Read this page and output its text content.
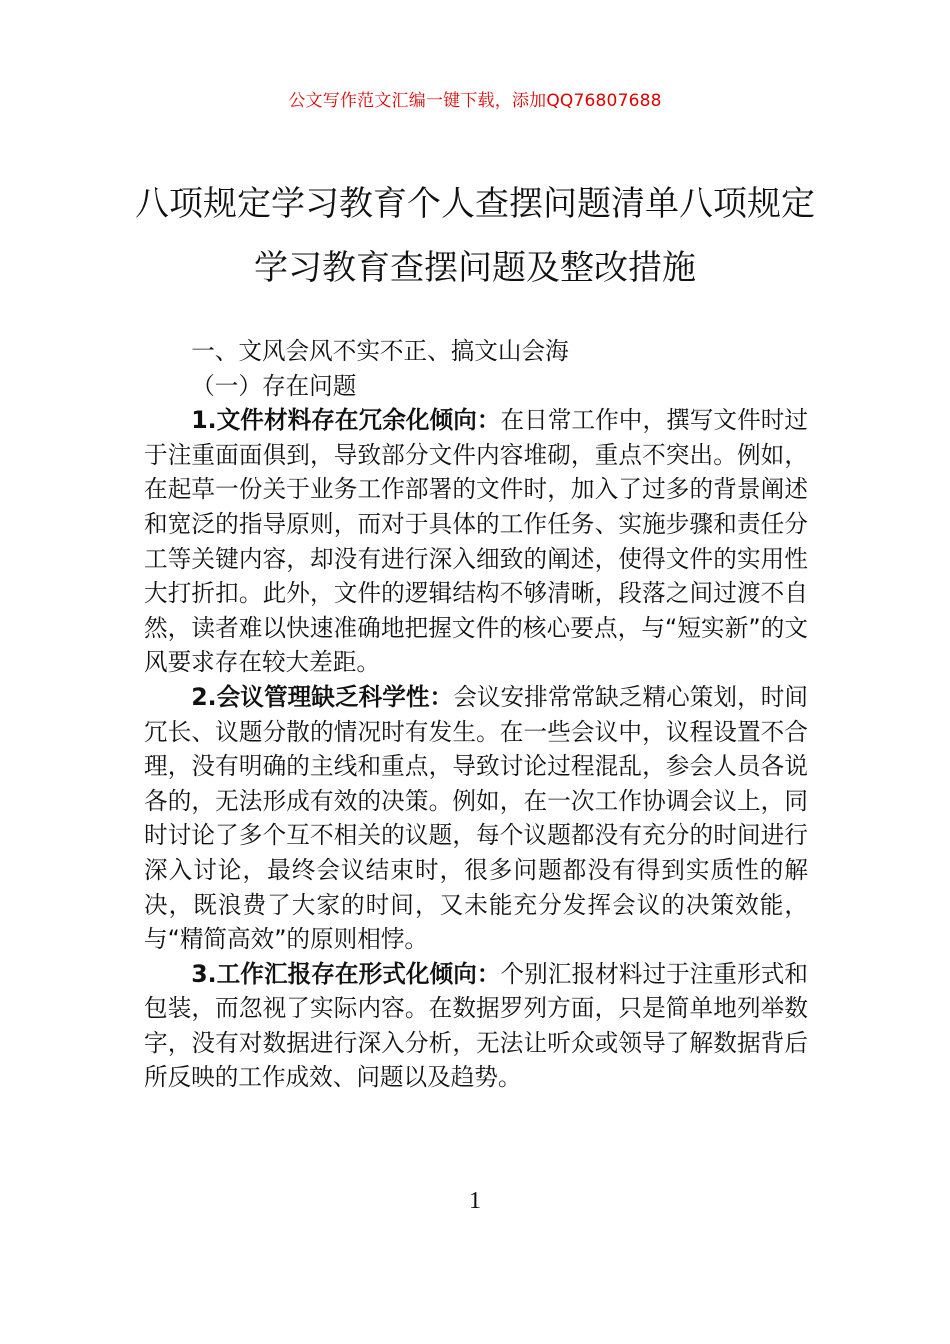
公文写作范文汇编一键下载，添加QQ76807688
八项规定学习教育个人查摆问题清单八项规定学习教育查摆问题及整改措施

一、文风会风不实不正、搞文山会海

（一）存在问题

1.文件材料存在冗余化倾向：在日常工作中，撰写文件时过于注重面面俱到，导致部分文件内容堆砌，重点不突出。例如，在起草一份关于业务工作部署的文件时，加入了过多的背景阐述和宽泛的指导原则，而对于具体的工作任务、实施步骤和责任分工等关键内容，却没有进行深入细致的阐述，使得文件的实用性大打折扣。此外，文件的逻辑结构不够清晰，段落之间过渡不自然，读者难以快速准确地把握文件的核心要点，与“短实新”的文风要求存在较大差距。

2.会议管理缺乏科学性：会议安排常常缺乏精心策划，时间冗长、议题分散的情况时有发生。在一些会议中，议程设置不合理，没有明确的主线和重点，导致讨论过程混乱，参会人员各说各的，无法形成有效的决策。例如，在一次工作协调会议上，同时讨论了多个互不相关的议题，每个议题都没有充分的时间进行深入讨论，最终会议结束时，很多问题都没有得到实质性的解决，既浪费了大家的时间，又未能充分发挥会议的决策效能，与“精简高效”的原则相悖。

3.工作汇报存在形式化倾向：个别汇报材料过于注重形式和包装，而忽视了实际内容。在数据罗列方面，只是简单地列举数字，没有对数据进行深入分析，无法让听众或领导了解数据背后所反映的工作成效、问题以及趋势。

1
